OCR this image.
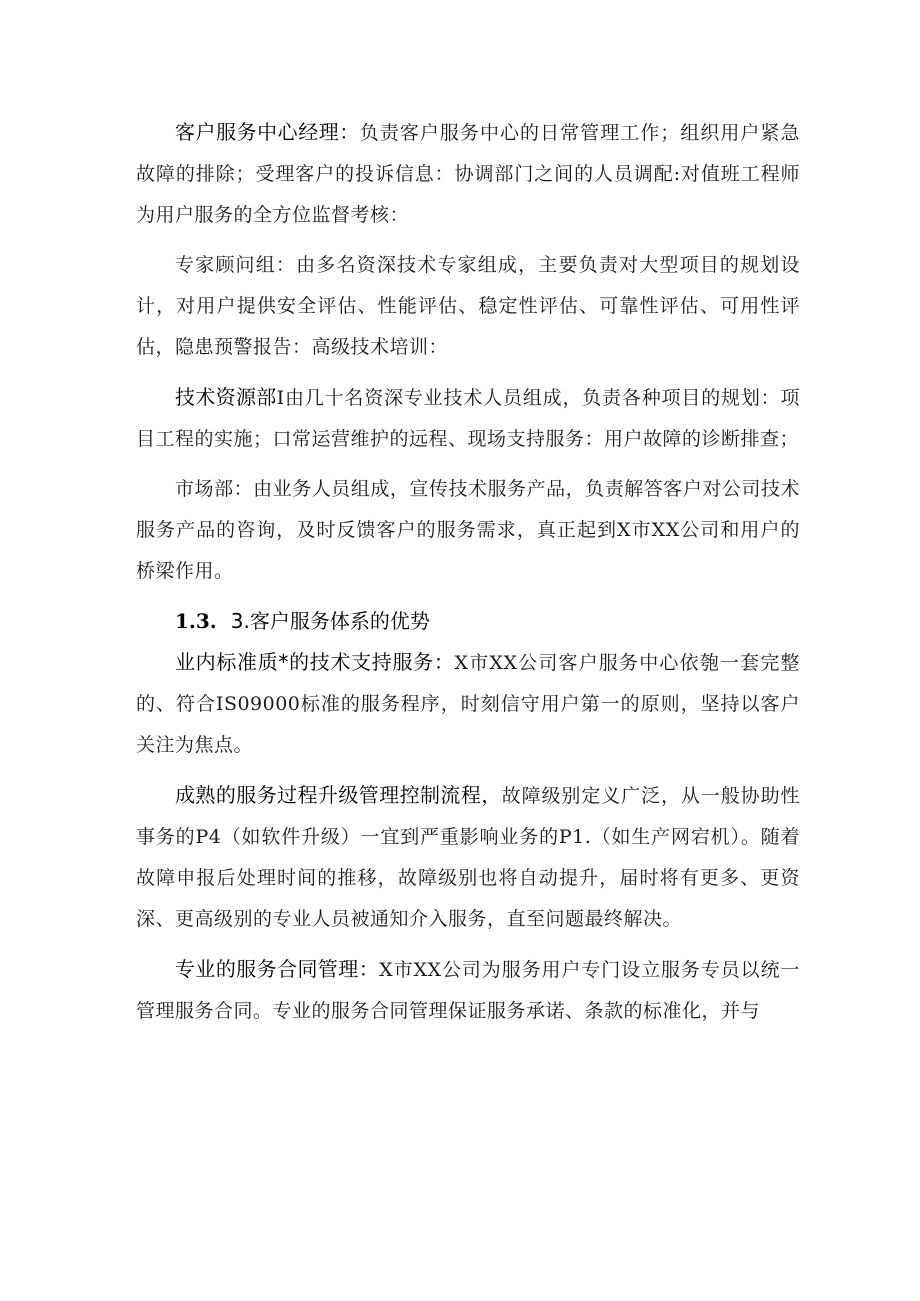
客户服务中心经理：负责客户服务中心的日常管理工作；组织用户紧急故障的排除；受理客户的投诉信息：协调部门之间的人员调配:对值班工程师为用户服务的全方位监督考核：

专家顾问组：由多名资深技术专家组成，主要负责对大型项目的规划设计，对用户提供安全评估、性能评估、稳定性评估、可靠性评估、可用性评估，隐患预警报告：高级技术培训：

技术资源部I由几十名资深专业技术人员组成，负责各种项目的规划：项目工程的实施；口常运营维护的远程、现场支持服务：用户故障的诊断排查；

市场部：由业务人员组成，宣传技术服务产品，负责解答客户对公司技术服务产品的咨询，及时反馈客户的服务需求，真正起到X市XX公司和用户的桥梁作用。

1.3. 3.客户服务体系的优势

业内标准质*的技术支持服务：X市XX公司客户服务中心依匏一套完整的、符合IS09000标准的服务程序，时刻信守用户第一的原则，坚持以客户关注为焦点。

成熟的服务过程升级管理控制流程，故障级别定义广泛，从一般协助性事务的P4（如软件升级）一宜到严重影响业务的P1.（如生产网宕机）。随着故障申报后处理时间的推移，故障级别也将自动提升，届时将有更多、更资深、更高级别的专业人员被通知介入服务，直至问题最终解决。

专业的服务合同管理：X市XX公司为服务用户专门设立服务专员以统一管理服务合同。专业的服务合同管理保证服务承诺、条款的标准化，并与
